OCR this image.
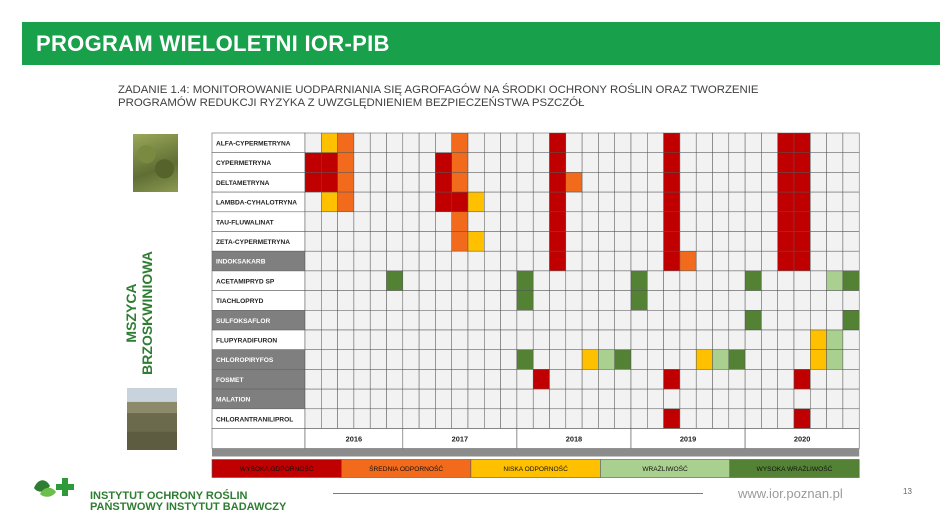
PROGRAM WIELOLETNI IOR-PIB
ZADANIE 1.4: MONITOROWANIE UODPARNIANIA SIĘ AGROFAGÓW NA ŚRODKI OCHRONY ROŚLIN ORAZ TWORZENIE PROGRAMÓW REDUKCJI RYZYKA Z UWZGLĘDNIENIEM BEZPIECZEŃSTWA PSZCZÓŁ
MSZYCA BRZOSKWINIOWA
ALFA-CYPERMETRYNA
CYPERMETRYNA
DELTAMETRYNA
LAMBDA-CYHALOTRYNA
TAU-FLUWALINAT
ZETA-CYPERMETRYNA
INDOKSAKARB
ACETAMIPRYD SP
TIACHLOPRYD
SULFOKSAFLOR
FLUPYRADIFURON
CHLOROPIRYFOS
FOSMET
MALATION
CHLORANTRANILIPROL
2016	2017	2018	2019	2020
WYSOKA ODPORNOŚĆ	ŚREDNIA ODPORNOŚĆ	NISKA ODPORNOŚĆ	WRAŻLIWOŚĆ	WYSOKA WRAŻLIWOŚĆ
INSTYTUT OCHRONY ROŚLIN
PAŃSTWOWY INSTYTUT BADAWCZY
www.ior.poznan.pl	13
